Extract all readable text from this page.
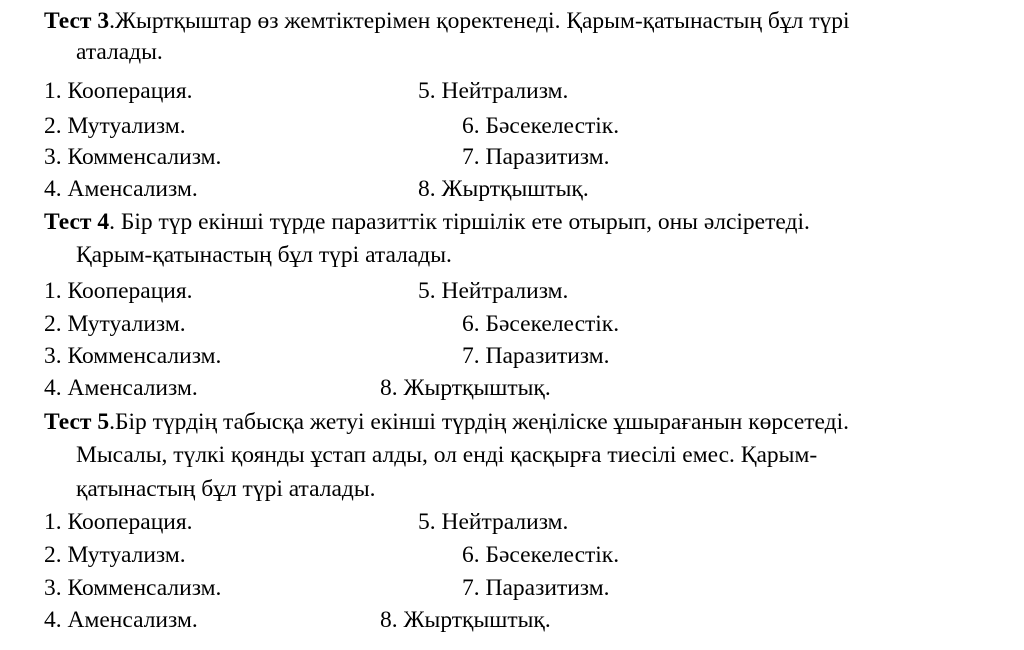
Тест 3.Жыртқыштар өз жемтіктерімен қоректенеді. Қарым-қатынастың бұл түрі
аталады.
1. Кооперация.	5. Нейтрализм.
2. Мутуализм.	6. Бәсекелестік.
3. Комменсализм.	7. Паразитизм.
4. Аменсализм.	8. Жыртқыштық.
Тест 4. Бір түр екінші түрде паразиттік тіршілік ете отырып, оны әлсіретеді.
Қарым-қатынастың бұл түрі аталады.
1. Кооперация.	5. Нейтрализм.
2. Мутуализм.	6. Бәсекелестік.
3. Комменсализм.	7. Паразитизм.
4. Аменсализм.	8. Жыртқыштық.
Тест 5.Бір түрдің табысқа жетуі екінші түрдің жеңіліске ұшырағанын көрсетеді.
Мысалы, түлкі қоянды ұстап алды, ол енді қасқырға тиесілі емес. Қарым-
қатынастың бұл түрі аталады.
1. Кооперация.	5. Нейтрализм.
2. Мутуализм.	6. Бәсекелестік.
3. Комменсализм.	7. Паразитизм.
4. Аменсализм.	8. Жыртқыштық.
